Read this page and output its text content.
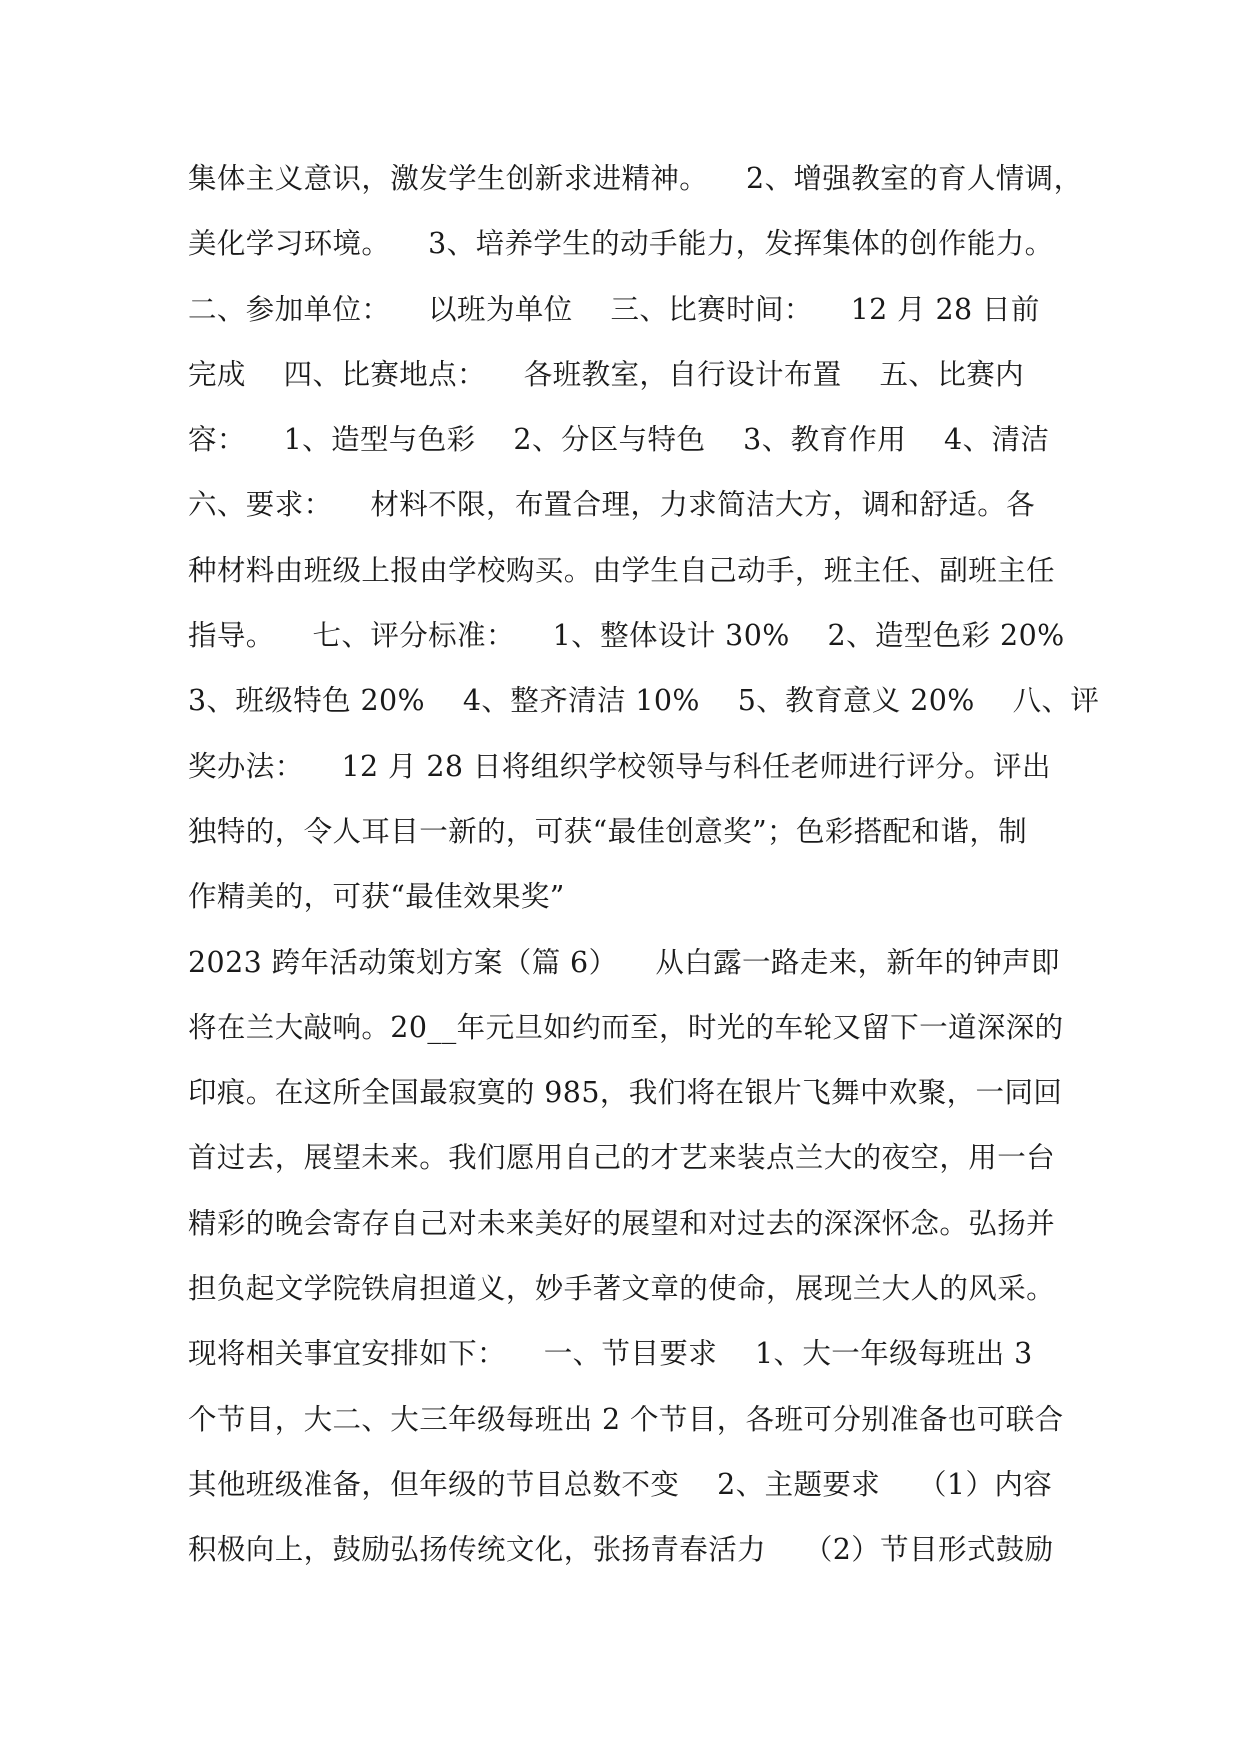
集体主义意识，激发学生创新求进精神。    2、增强教室的育人情调，
美化学习环境。    3、培养学生的动手能力，发挥集体的创作能力。
二、参加单位：    以班为单位    三、比赛时间：    12 月 28 日前
完成    四、比赛地点：    各班教室，自行设计布置    五、比赛内
容：    1、造型与色彩    2、分区与特色    3、教育作用    4、清洁
六、要求：    材料不限，布置合理，力求简洁大方，调和舒适。各
种材料由班级上报由学校购买。由学生自己动手，班主任、副班主任
指导。    七、评分标准：    1、整体设计 30%    2、造型色彩 20%
3、班级特色 20%    4、整齐清洁 10%    5、教育意义 20%    八、评
奖办法：    12 月 28 日将组织学校领导与科任老师进行评分。评出
独特的，令人耳目一新的，可获“最佳创意奖”；色彩搭配和谐，制
作精美的，可获“最佳效果奖”
2023 跨年活动策划方案（篇 6）    从白露一路走来，新年的钟声即
将在兰大敲响。20__年元旦如约而至，时光的车轮又留下一道深深的
印痕。在这所全国最寂寞的 985，我们将在银片飞舞中欢聚，一同回
首过去，展望未来。我们愿用自己的才艺来装点兰大的夜空，用一台
精彩的晚会寄存自己对未来美好的展望和对过去的深深怀念。弘扬并
担负起文学院铁肩担道义，妙手著文章的使命，展现兰大人的风采。
现将相关事宜安排如下：    一、节目要求    1、大一年级每班出 3
个节目，大二、大三年级每班出 2 个节目，各班可分别准备也可联合
其他班级准备，但年级的节目总数不变    2、主题要求    （1）内容
积极向上，鼓励弘扬传统文化，张扬青春活力    （2）节目形式鼓励
